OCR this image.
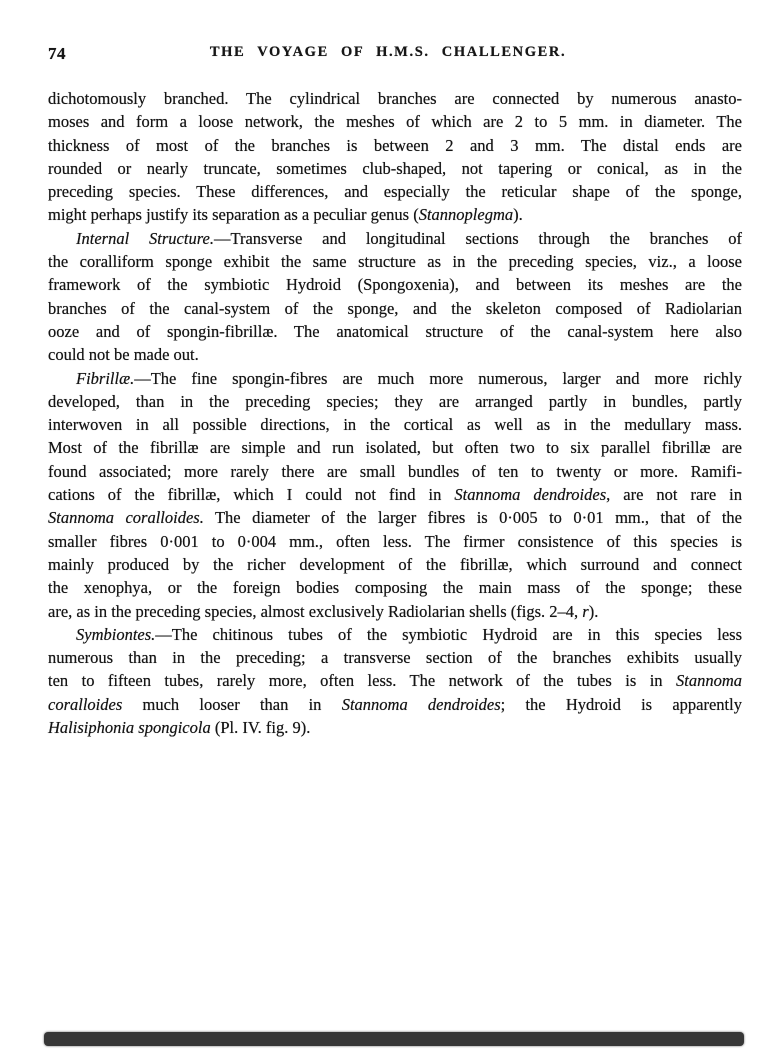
74	THE VOYAGE OF H.M.S. CHALLENGER.
dichotomously branched. The cylindrical branches are connected by numerous anasto-
moses and form a loose network, the meshes of which are 2 to 5 mm. in diameter. The
thickness of most of the branches is between 2 and 3 mm. The distal ends are
rounded or nearly truncate, sometimes club-shaped, not tapering or conical, as in the
preceding species. These differences, and especially the reticular shape of the sponge,
might perhaps justify its separation as a peculiar genus (Stannoplegma).
Internal Structure.—Transverse and longitudinal sections through the branches of
the coralliform sponge exhibit the same structure as in the preceding species, viz., a loose
framework of the symbiotic Hydroid (Spongoxenia), and between its meshes are the
branches of the canal-system of the sponge, and the skeleton composed of Radiolarian
ooze and of spongin-fibrillæ. The anatomical structure of the canal-system here also
could not be made out.
Fibrillæ.—The fine spongin-fibres are much more numerous, larger and more richly
developed, than in the preceding species; they are arranged partly in bundles, partly
interwoven in all possible directions, in the cortical as well as in the medullary mass.
Most of the fibrillæ are simple and run isolated, but often two to six parallel fibrillæ are
found associated; more rarely there are small bundles of ten to twenty or more. Ramifi-
cations of the fibrillæ, which I could not find in Stannoma dendroides, are not rare in
Stannoma coralloides. The diameter of the larger fibres is 0·005 to 0·01 mm., that of the
smaller fibres 0·001 to 0·004 mm., often less. The firmer consistence of this species is
mainly produced by the richer development of the fibrillæ, which surround and connect
the xenophya, or the foreign bodies composing the main mass of the sponge; these
are, as in the preceding species, almost exclusively Radiolarian shells (figs. 2–4, r).
Symbiontes.—The chitinous tubes of the symbiotic Hydroid are in this species less
numerous than in the preceding; a transverse section of the branches exhibits usually
ten to fifteen tubes, rarely more, often less. The network of the tubes is in Stannoma
coralloides much looser than in Stannoma dendroides; the Hydroid is apparently
Halisiphonia spongicola (Pl. IV. fig. 9).
